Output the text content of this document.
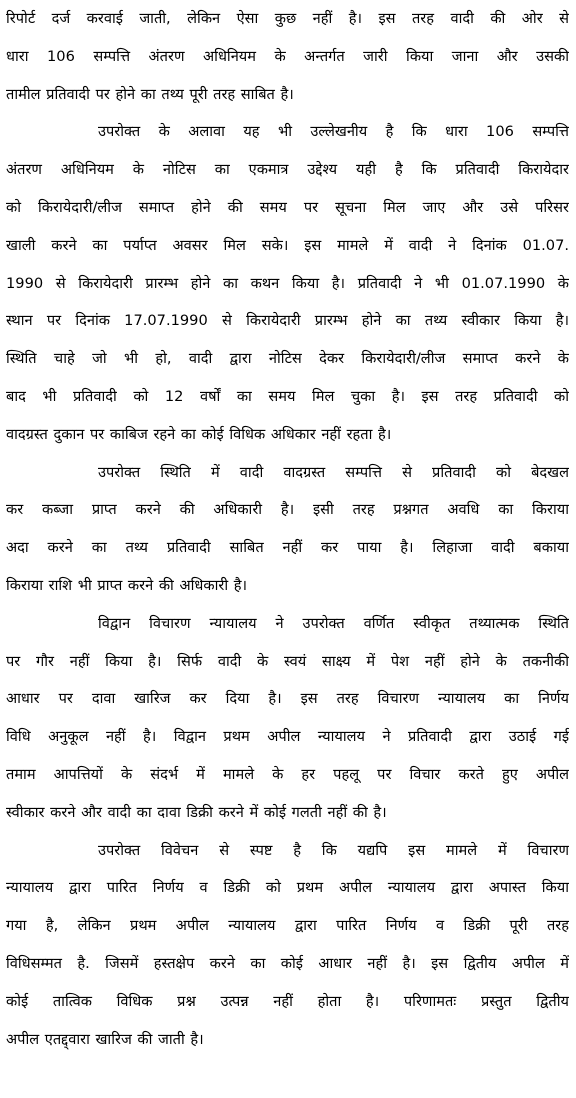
रिपोर्ट दर्ज करवाई जाती, लेकिन ऐसा कुछ नहीं है। इस तरह वादी की ओर से
धारा 106 सम्पत्ति अंतरण अधिनियम के अन्तर्गत जारी किया जाना और उसकी
तामील प्रतिवादी पर होने का तथ्य पूरी तरह साबित है।
उपरोक्त के अलावा यह भी उल्लेखनीय है कि धारा 106 सम्पत्ति
अंतरण अधिनियम के नोटिस का एकमात्र उद्देश्य यही है कि प्रतिवादी किरायेदार
को किरायेदारी/लीज समाप्त होने की समय पर सूचना मिल जाए और उसे परिसर
खाली करने का पर्याप्त अवसर मिल सके। इस मामले में वादी ने दिनांक 01.07.
1990 से किरायेदारी प्रारम्भ होने का कथन किया है। प्रतिवादी ने भी 01.07.1990 के
स्थान पर दिनांक 17.07.1990 से किरायेदारी प्रारम्भ होने का तथ्य स्वीकार किया है।
स्थिति चाहे जो भी हो, वादी द्वारा नोटिस देकर किरायेदारी/लीज समाप्त करने के
बाद भी प्रतिवादी को 12 वर्षों का समय मिल चुका है। इस तरह प्रतिवादी को
वादग्रस्त दुकान पर काबिज रहने का कोई विधिक अधिकार नहीं रहता है।
उपरोक्त स्थिति में वादी वादग्रस्त सम्पत्ति से प्रतिवादी को बेदखल
कर कब्जा प्राप्त करने की अधिकारी है। इसी तरह प्रश्नगत अवधि का किराया
अदा करने का तथ्य प्रतिवादी साबित नहीं कर पाया है। लिहाजा वादी बकाया
किराया राशि भी प्राप्त करने की अधिकारी है।
विद्वान विचारण न्यायालय ने उपरोक्त वर्णित स्वीकृत तथ्यात्मक स्थिति
पर गौर नहीं किया है। सिर्फ वादी के स्वयं साक्ष्य में पेश नहीं होने के तकनीकी
आधार पर दावा खारिज कर दिया है। इस तरह विचारण न्यायालय का निर्णय
विधि अनुकूल नहीं है। विद्वान प्रथम अपील न्यायालय ने प्रतिवादी द्वारा उठाई गई
तमाम आपत्तियों के संदर्भ में मामले के हर पहलू पर विचार करते हुए अपील
स्वीकार करने और वादी का दावा डिक्री करने में कोई गलती नहीं की है।
उपरोक्त विवेचन से स्पष्ट है कि यद्यपि इस मामले में विचारण
न्यायालय द्वारा पारित निर्णय व डिक्री को प्रथम अपील न्यायालय द्वारा अपास्त किया
गया है, लेकिन प्रथम अपील न्यायालय द्वारा पारित निर्णय व डिक्री पूरी तरह
विधिसम्मत है. जिसमें हस्तक्षेप करने का कोई आधार नहीं है। इस द्वितीय अपील में
कोई तात्विक विधिक प्रश्न उत्पन्न नहीं होता है। परिणामतः प्रस्तुत द्वितीय
अपील एतद्द्वारा खारिज की जाती है।
